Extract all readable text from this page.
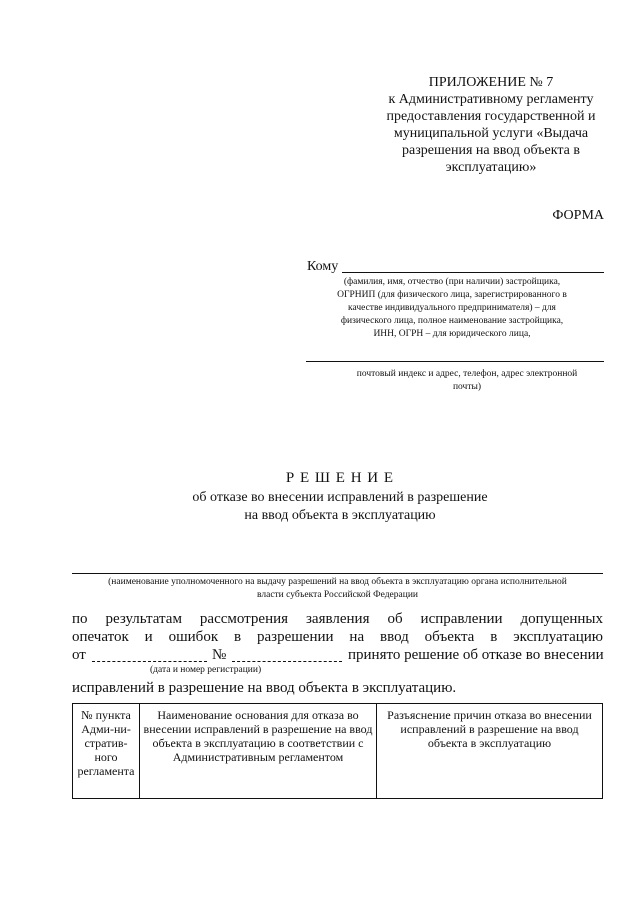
ПРИЛОЖЕНИЕ № 7
к Административному регламенту
предоставления государственной и
муниципальной услуги «Выдача
разрешения на ввод объекта в
эксплуатацию»
ФОРМА
Кому
(фамилия, имя, отчество (при наличии) застройщика,
ОГРНИП (для физического лица, зарегистрированного в
качестве индивидуального предпринимателя) – для
физического лица, полное наименование застройщика,
ИНН, ОГРН – для юридического лица,
почтовый индекс и адрес, телефон, адрес электронной
почты)
Р Е Ш Е Н И Е
об отказе во внесении исправлений в разрешение
на ввод объекта в эксплуатацию
(наименование уполномоченного на выдачу разрешений на ввод объекта в эксплуатацию органа исполнительной
власти субъекта Российской Федерации
по результатам рассмотрения заявления об исправлении допущенных
опечаток и ошибок в разрешении на ввод объекта в эксплуатацию
от	№	принято решение об отказе во внесении
(дата и номер регистрации)
исправлений в разрешение на ввод объекта в эксплуатацию.
№ пункта Адми-ни-стратив-ного регламента	Наименование основания для отказа во внесении исправлений в разрешение на ввод объекта в эксплуатацию в соответствии с Административным регламентом	Разъяснение причин отказа во внесении исправлений в разрешение на ввод объекта в эксплуатацию
